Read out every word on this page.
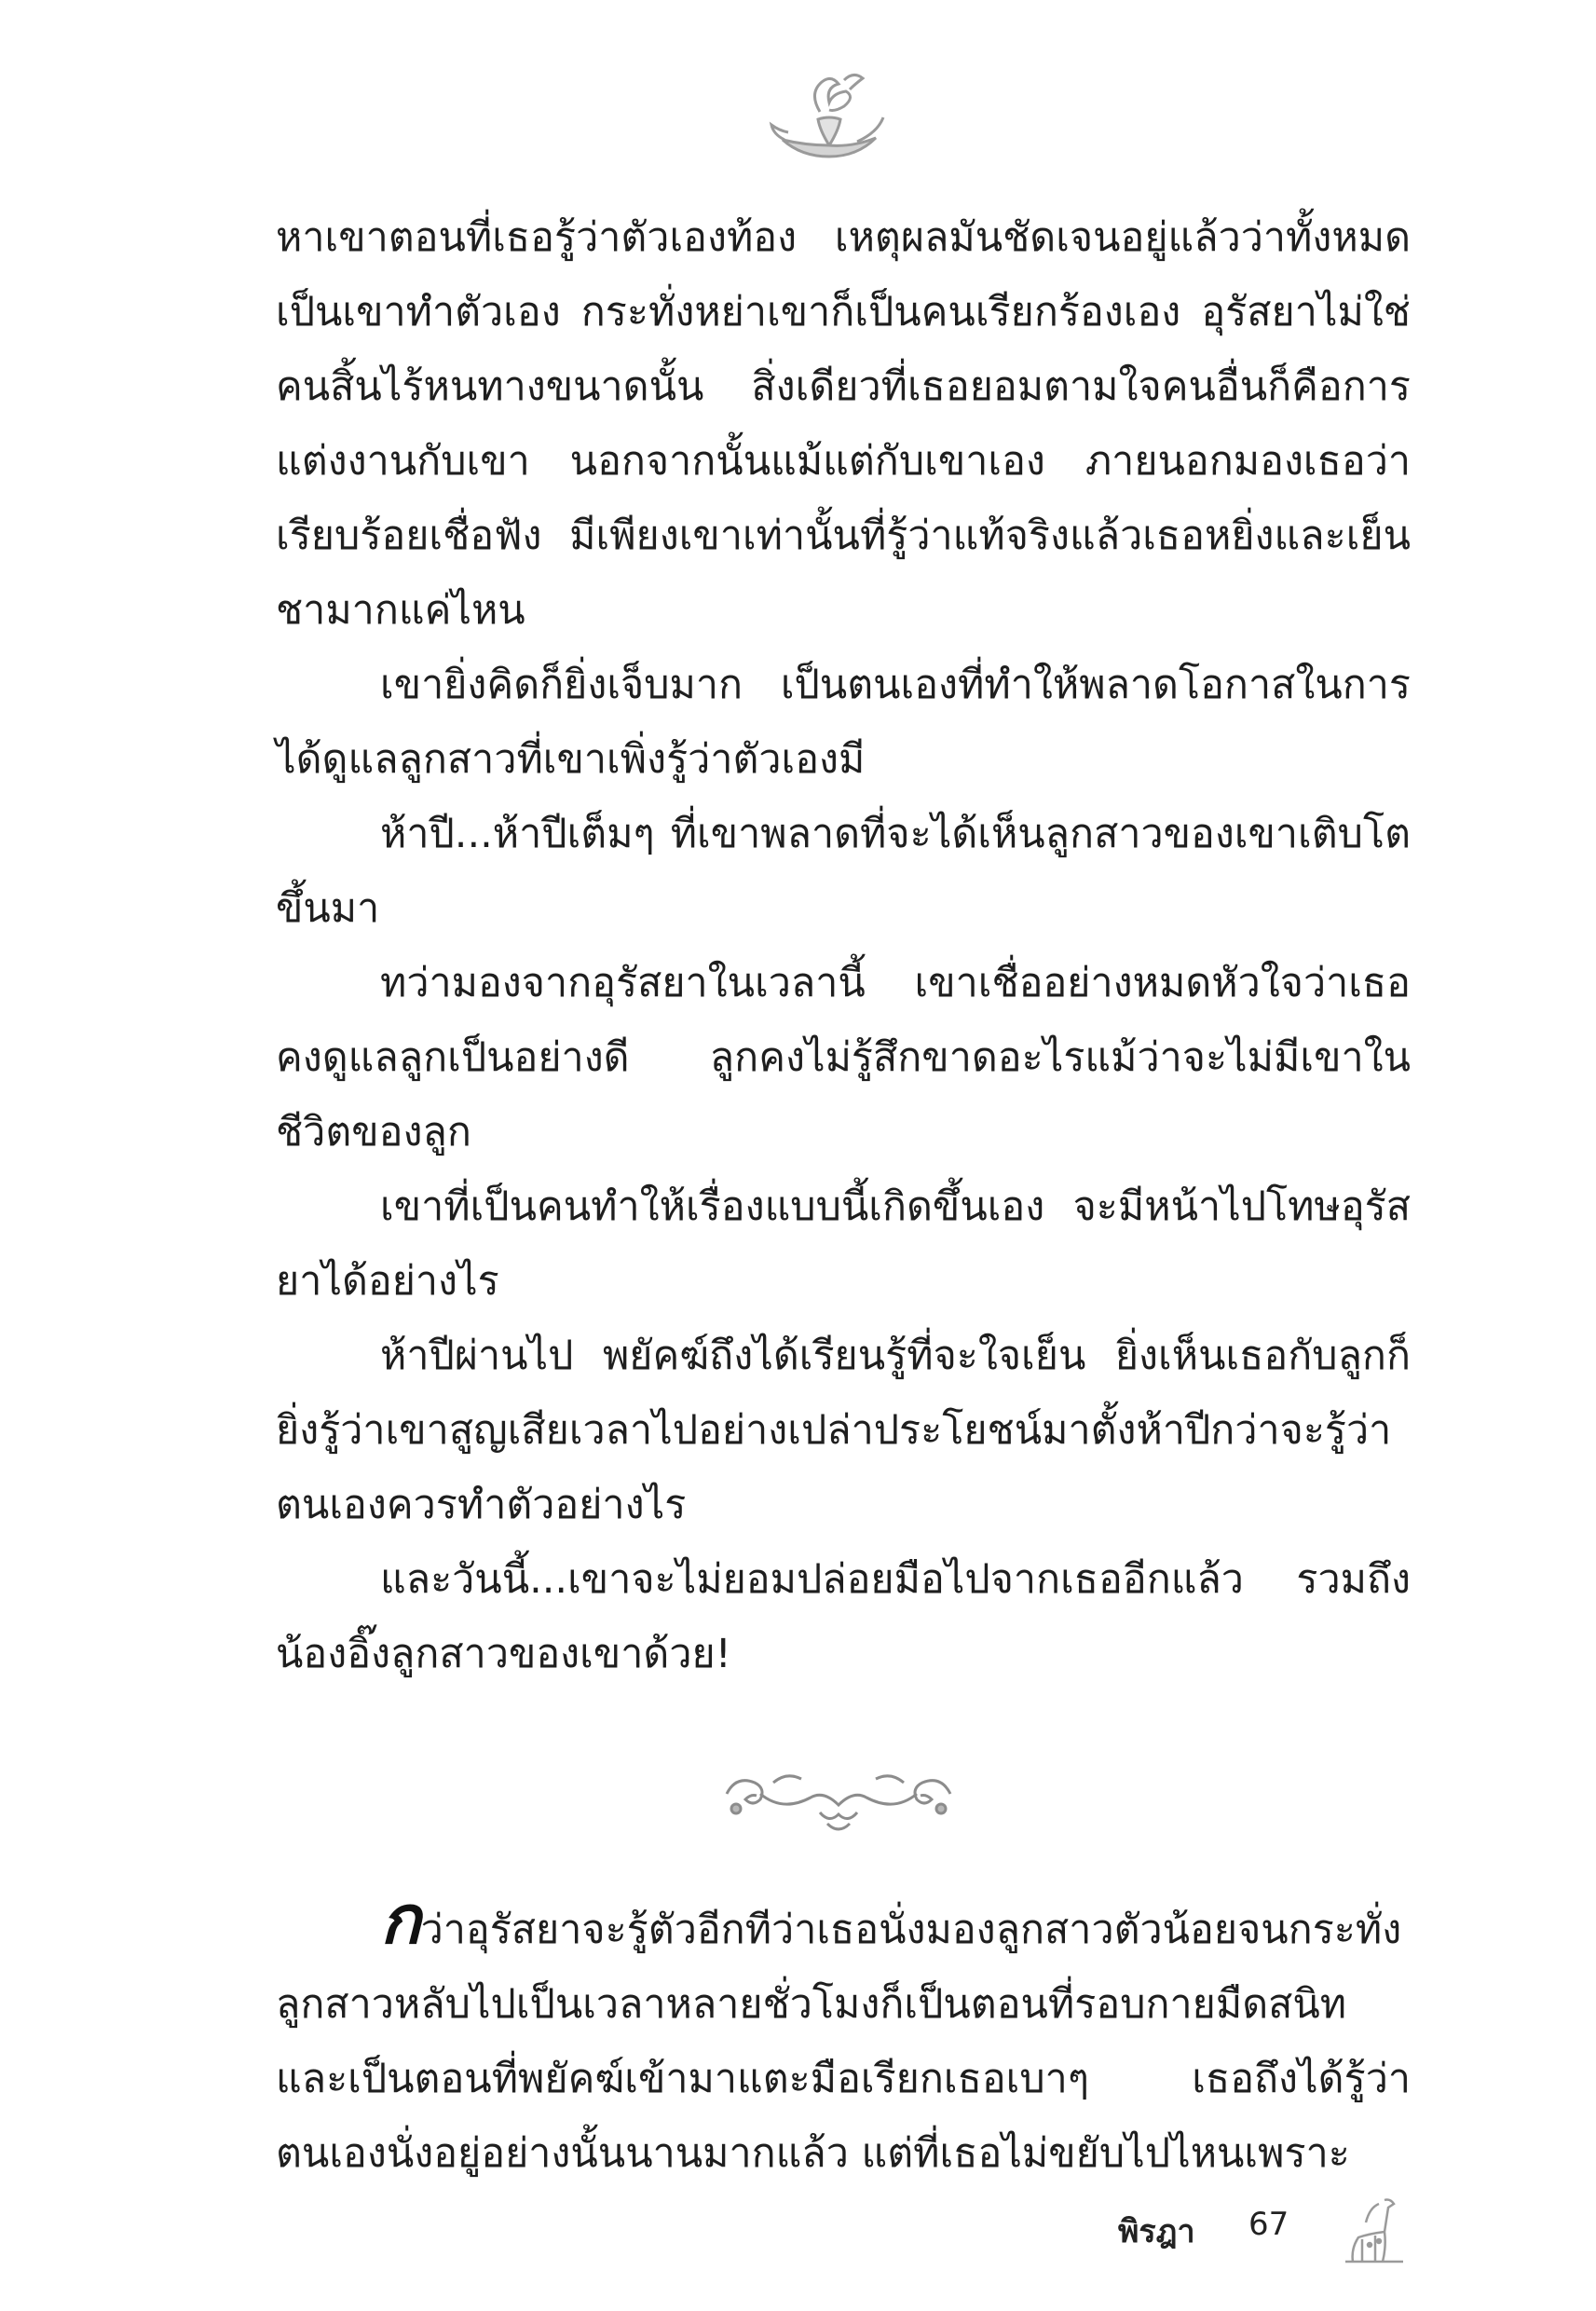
หาเขาตอนที่เธอรู้ว่าตัวเองท้อง เหตุผลมันชัดเจนอยู่แล้วว่าทั้งหมดเป็นเขาทำตัวเอง กระทั่งหย่าเขาก็เป็นคนเรียกร้องเอง อุรัสยาไม่ใช่คนสิ้นไร้หนทางขนาดนั้น สิ่งเดียวที่เธอยอมตามใจคนอื่นก็คือการแต่งงานกับเขา นอกจากนั้นแม้แต่กับเขาเอง ภายนอกมองเธอว่าเรียบร้อยเชื่อฟัง มีเพียงเขาเท่านั้นที่รู้ว่าแท้จริงแล้วเธอหยิ่งและเย็นชามากแค่ไหน

เขายิ่งคิดก็ยิ่งเจ็บมาก เป็นตนเองที่ทำให้พลาดโอกาสในการได้ดูแลลูกสาวที่เขาเพิ่งรู้ว่าตัวเองมี

ห้าปี...ห้าปีเต็มๆ ที่เขาพลาดที่จะได้เห็นลูกสาวของเขาเติบโตขึ้นมา

ทว่ามองจากอุรัสยาในเวลานี้ เขาเชื่ออย่างหมดหัวใจว่าเธอคงดูแลลูกเป็นอย่างดี ลูกคงไม่รู้สึกขาดอะไรแม้ว่าจะไม่มีเขาในชีวิตของลูก

เขาที่เป็นคนทำให้เรื่องแบบนี้เกิดขึ้นเอง จะมีหน้าไปโทษอุรัสยาได้อย่างไร

ห้าปีผ่านไป พยัคฆ์ถึงได้เรียนรู้ที่จะใจเย็น ยิ่งเห็นเธอกับลูกก็ยิ่งรู้ว่าเขาสูญเสียเวลาไปอย่างเปล่าประโยชน์มาตั้งห้าปีกว่าจะรู้ว่าตนเองควรทำตัวอย่างไร

และวันนี้...เขาจะไม่ยอมปล่อยมือไปจากเธออีกแล้ว รวมถึงน้องอิ๊งลูกสาวของเขาด้วย!

กว่าอุรัสยาจะรู้ตัวอีกทีว่าเธอนั่งมองลูกสาวตัวน้อยจนกระทั่งลูกสาวหลับไปเป็นเวลาหลายชั่วโมงก็เป็นตอนที่รอบกายมืดสนิทและเป็นตอนที่พยัคฆ์เข้ามาแตะมือเรียกเธอเบาๆ เธอถึงได้รู้ว่าตนเองนั่งอยู่อย่างนั้นนานมากแล้ว แต่ที่เธอไม่ขยับไปไหนเพราะ

พิรฎา 67
